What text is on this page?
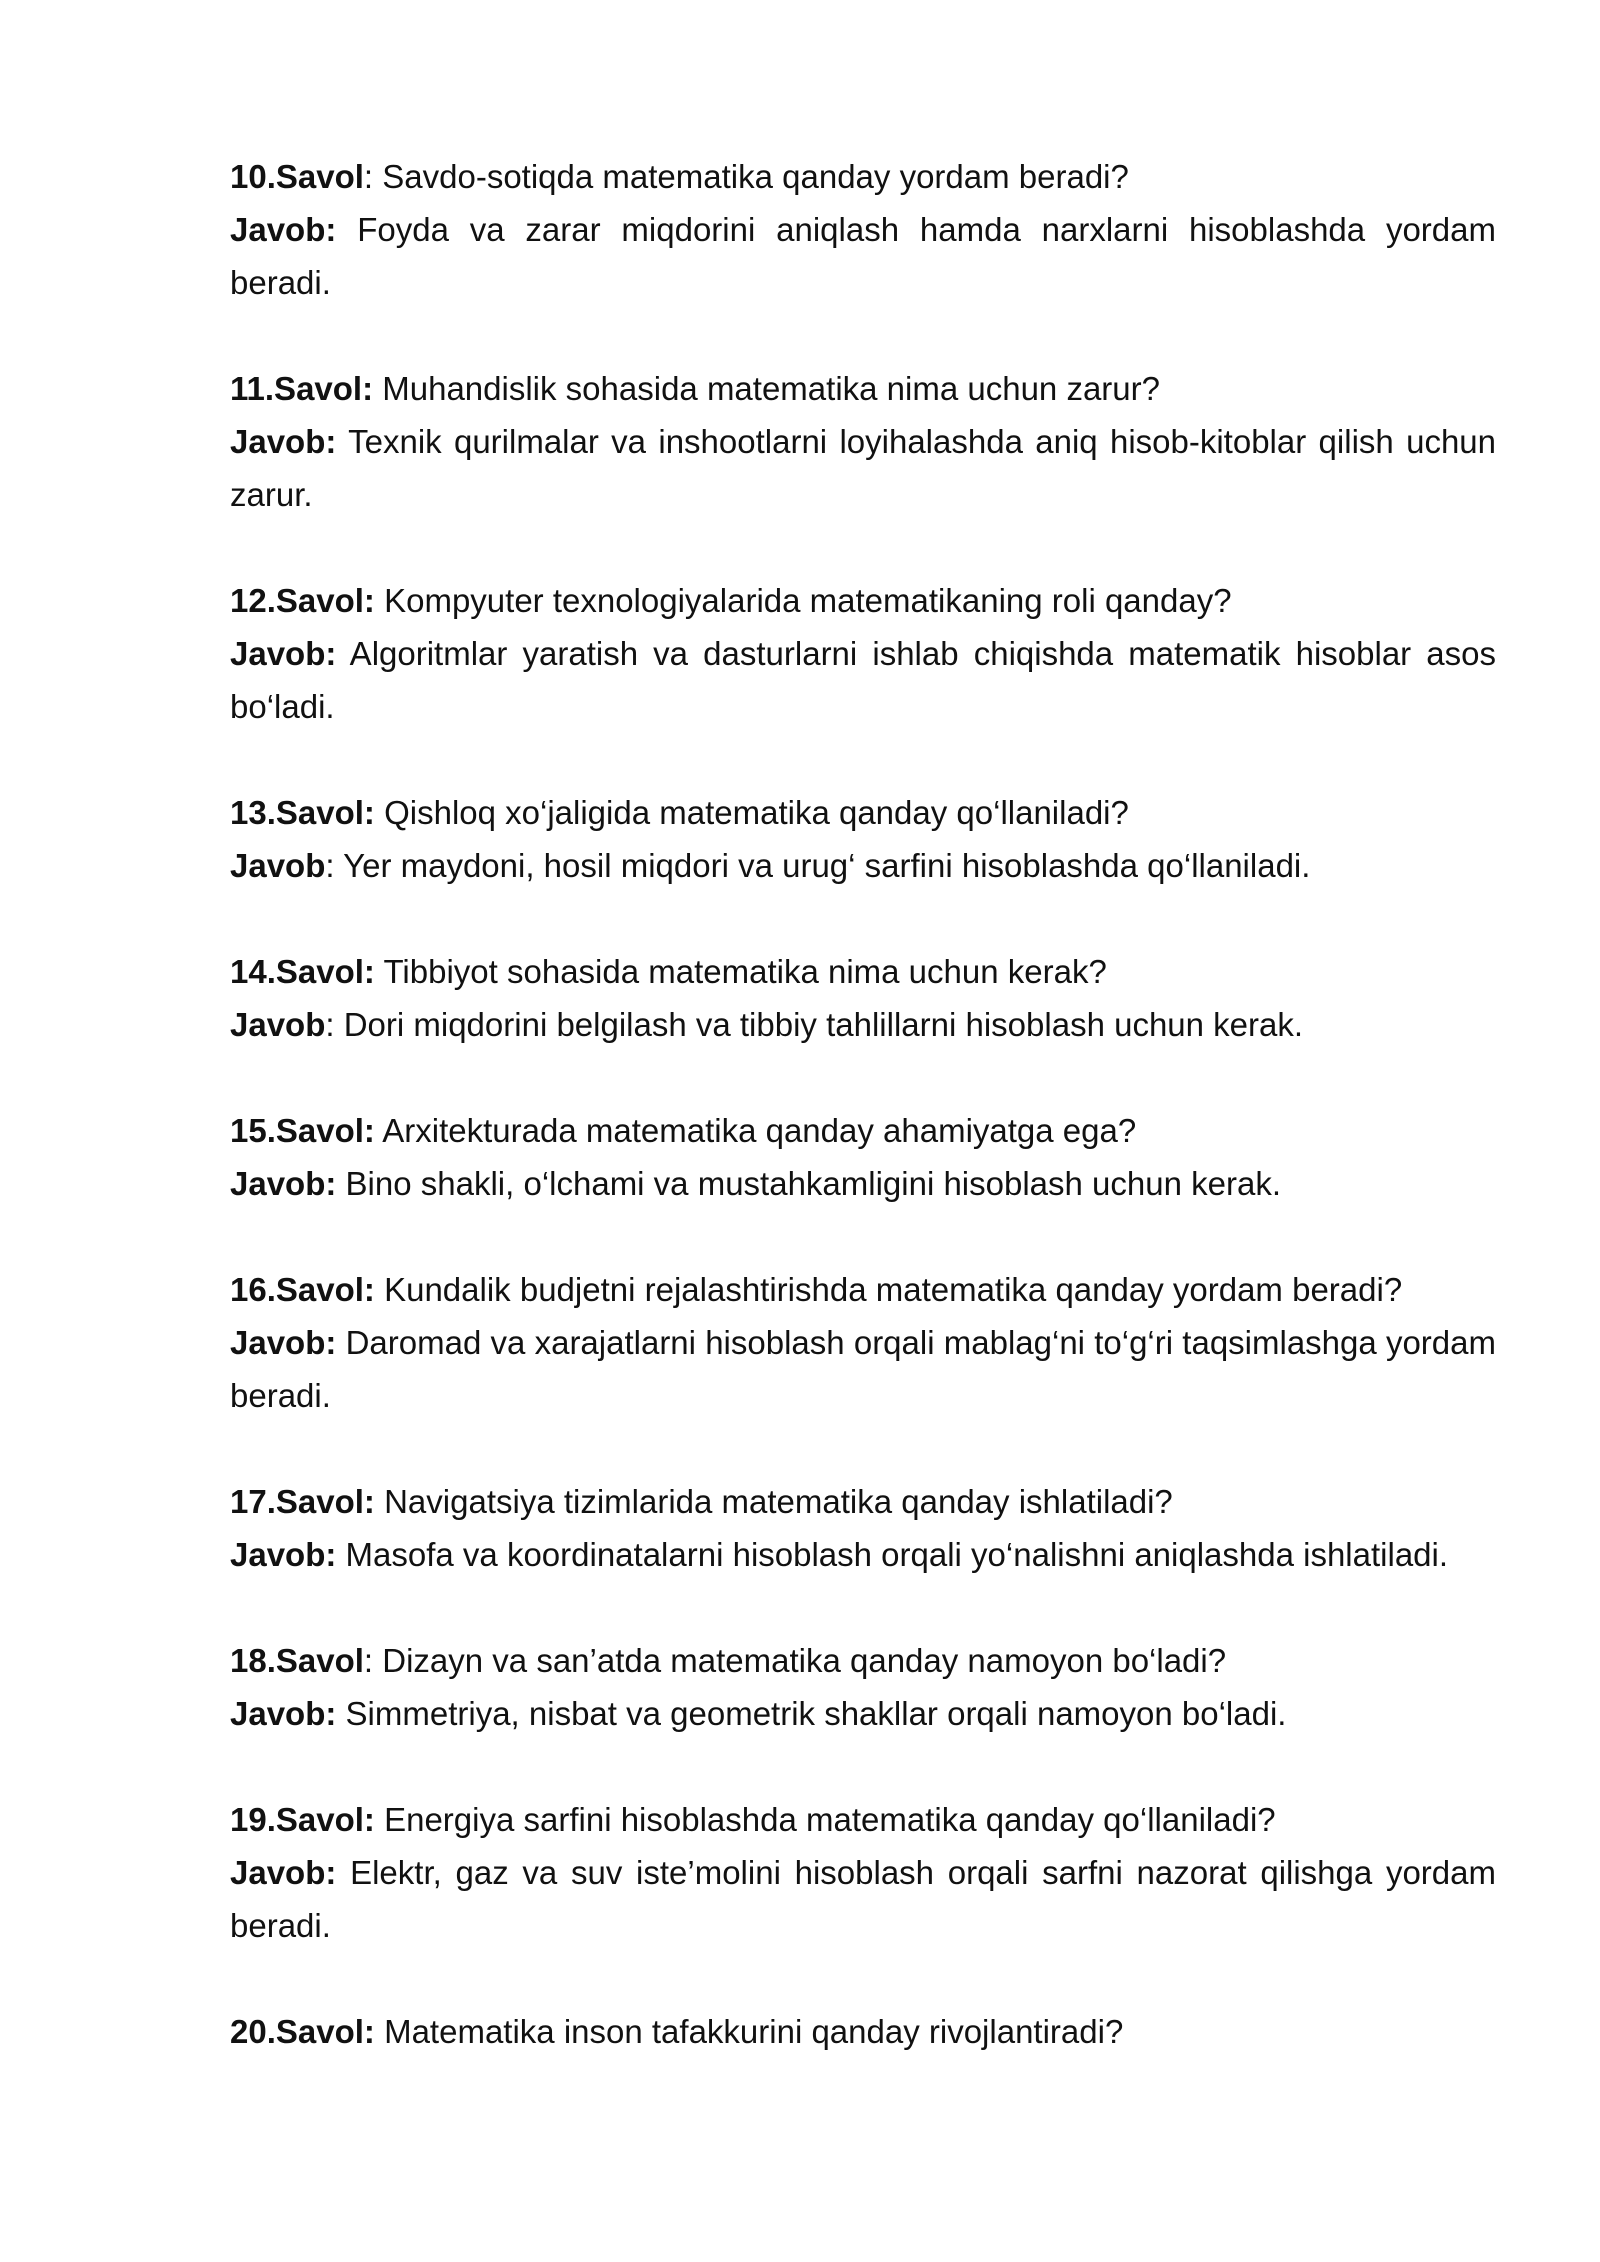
10.Savol: Savdo-sotiqda matematika qanday yordam beradi?

Javob: Foyda va zarar miqdorini aniqlash hamda narxlarni hisoblashda yordam beradi.

11.Savol: Muhandislik sohasida matematika nima uchun zarur?

Javob: Texnik qurilmalar va inshootlarni loyihalashda aniq hisob-kitoblar qilish uchun zarur.

12.Savol: Kompyuter texnologiyalarida matematikaning roli qanday?

Javob: Algoritmlar yaratish va dasturlarni ishlab chiqishda matematik hisoblar asos bo‘ladi.

13.Savol: Qishloq xo‘jaligida matematika qanday qo‘llaniladi?

Javob: Yer maydoni, hosil miqdori va urug‘ sarfini hisoblashda qo‘llaniladi.

14.Savol: Tibbiyot sohasida matematika nima uchun kerak?

Javob: Dori miqdorini belgilash va tibbiy tahlillarni hisoblash uchun kerak.

15.Savol: Arxitekturada matematika qanday ahamiyatga ega?

Javob: Bino shakli, o‘lchami va mustahkamligini hisoblash uchun kerak.

16.Savol: Kundalik budjetni rejalashtirishda matematika qanday yordam beradi?

Javob: Daromad va xarajatlarni hisoblash orqali mablag‘ni to‘g‘ri taqsimlashga yordam beradi.

17.Savol: Navigatsiya tizimlarida matematika qanday ishlatiladi?

Javob: Masofa va koordinatalarni hisoblash orqali yo‘nalishni aniqlashda ishlatiladi.

18.Savol: Dizayn va san’atda matematika qanday namoyon bo‘ladi?

Javob: Simmetriya, nisbat va geometrik shakllar orqali namoyon bo‘ladi.

19.Savol: Energiya sarfini hisoblashda matematika qanday qo‘llaniladi?

Javob: Elektr, gaz va suv iste’molini hisoblash orqali sarfni nazorat qilishga yordam beradi.

20.Savol: Matematika inson tafakkurini qanday rivojlantiradi?
